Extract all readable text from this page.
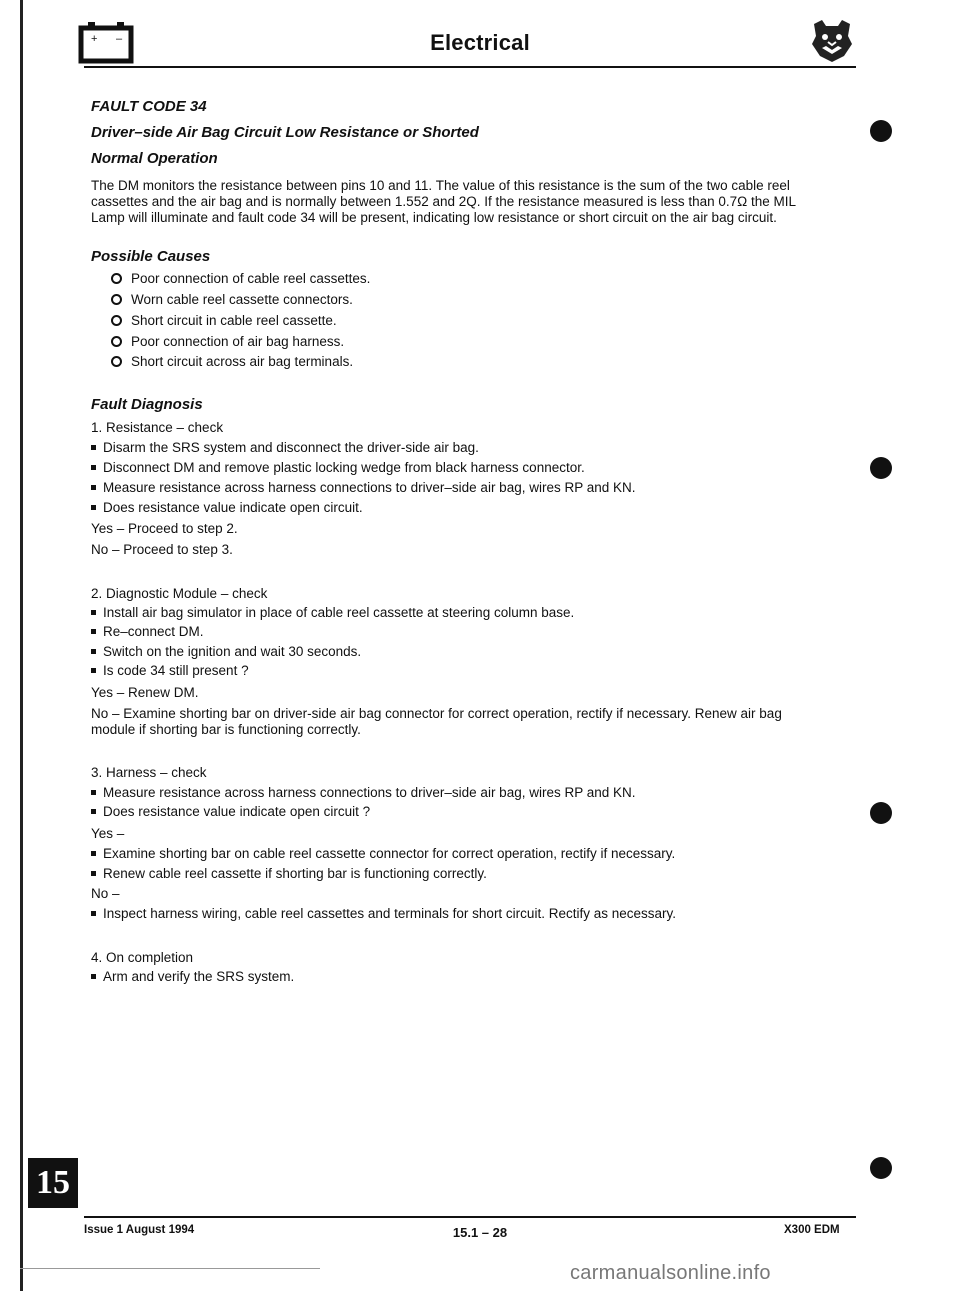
+ –	Electrical
FAULT CODE 34
Driver–side Air Bag Circuit Low Resistance or Shorted
Normal Operation
The DM monitors the resistance between pins 10 and 11. The value of this resistance is the sum of the two cable reel
cassettes and the air bag and is normally between 1.552 and 2Q. If the resistance measured is less than 0.7Ω the MIL
Lamp will illuminate and fault code 34 will be present, indicating low resistance or short circuit on the air bag circuit.
Possible Causes
Poor connection of cable reel cassettes.
Worn cable reel cassette connectors.
Short circuit in cable reel cassette.
Poor connection of air bag harness.
Short circuit across air bag terminals.
Fault Diagnosis
1. Resistance – check
Disarm the SRS system and disconnect the driver-side air bag.
Disconnect DM and remove plastic locking wedge from black harness connector.
Measure resistance across harness connections to driver–side air bag, wires RP and KN.
Does resistance value indicate open circuit.
Yes – Proceed to step 2.
No – Proceed to step 3.
2. Diagnostic Module – check
Install air bag simulator in place of cable reel cassette at steering column base.
Re–connect DM.
Switch on the ignition and wait 30 seconds.
Is code 34 still present ?
Yes – Renew DM.
No – Examine shorting bar on driver-side air bag connector for correct operation, rectify if necessary. Renew air bag
module if shorting bar is functioning correctly.
3. Harness – check
Measure resistance across harness connections to driver–side air bag, wires RP and KN.
Does resistance value indicate open circuit ?
Yes –
Examine shorting bar on cable reel cassette connector for correct operation, rectify if necessary.
Renew cable reel cassette if shorting bar is functioning correctly.
No –
Inspect harness wiring, cable reel cassettes and terminals for short circuit. Rectify as necessary.
4. On completion
Arm and verify the SRS system.
15
Issue 1 August 1994	15.1 – 28	X300 EDM
carmanualsonline.info
